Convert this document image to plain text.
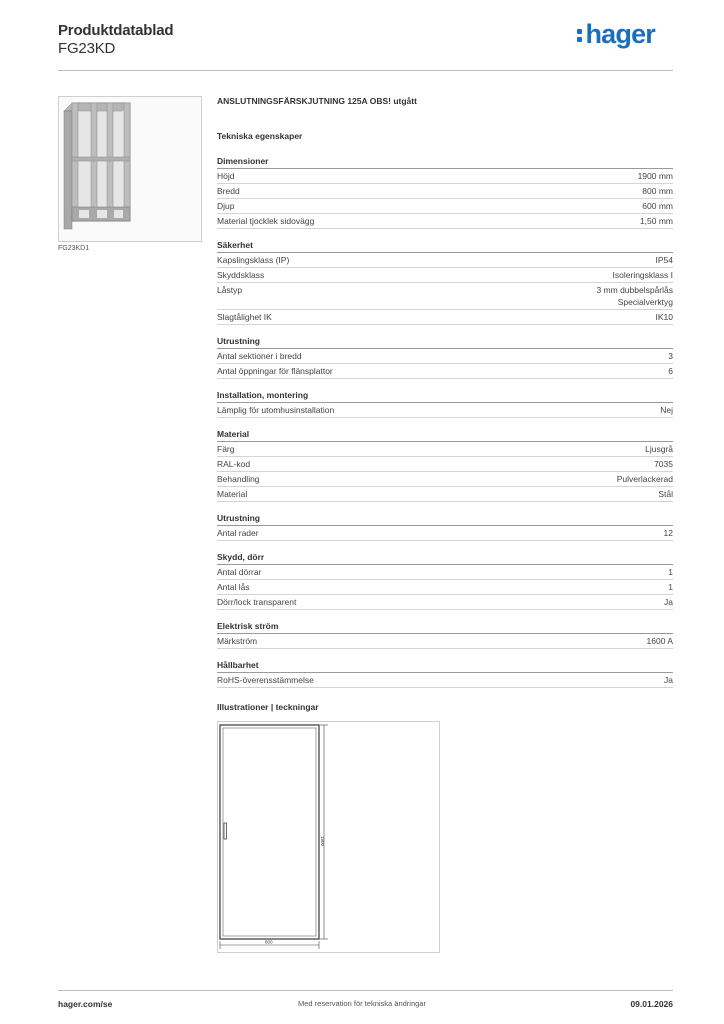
Produktdatablad
FG23KD	hager
FG23KD1
ANSLUTNINGSFÄRSKJUTNING 125A OBS! utgått
Tekniska egenskaper
Dimensioner
Höjd	1900 mm
Bredd	800 mm
Djup	600 mm
Material tjocklek sidovägg	1,50 mm
Säkerhet
Kapslingsklass (IP)	IP54
Skyddsklass	Isoleringsklass I
Låstyp	3 mm dubbelspårlås
Specialverktyg
Slagtålighet IK	IK10
Utrustning
Antal sektioner i bredd	3
Antal öppningar för flänsplattor	6
Installation, montering
Lämplig för utomhusinstallation	Nej
Material
Färg	Ljusgrå
RAL-kod	7035
Behandling	Pulverlackerad
Material	Stål
Utrustning
Antal rader	12
Skydd, dörr
Antal dörrar	1
Antal lås	1
Dörr/lock transparent	Ja
Elektrisk ström
Märkström	1600 A
Hållbarhet
RoHS-överensstämmelse	Ja
Illustrationer | teckningar
1900
800
hager.com/se	Med reservation för tekniska ändringar	09.01.2026
